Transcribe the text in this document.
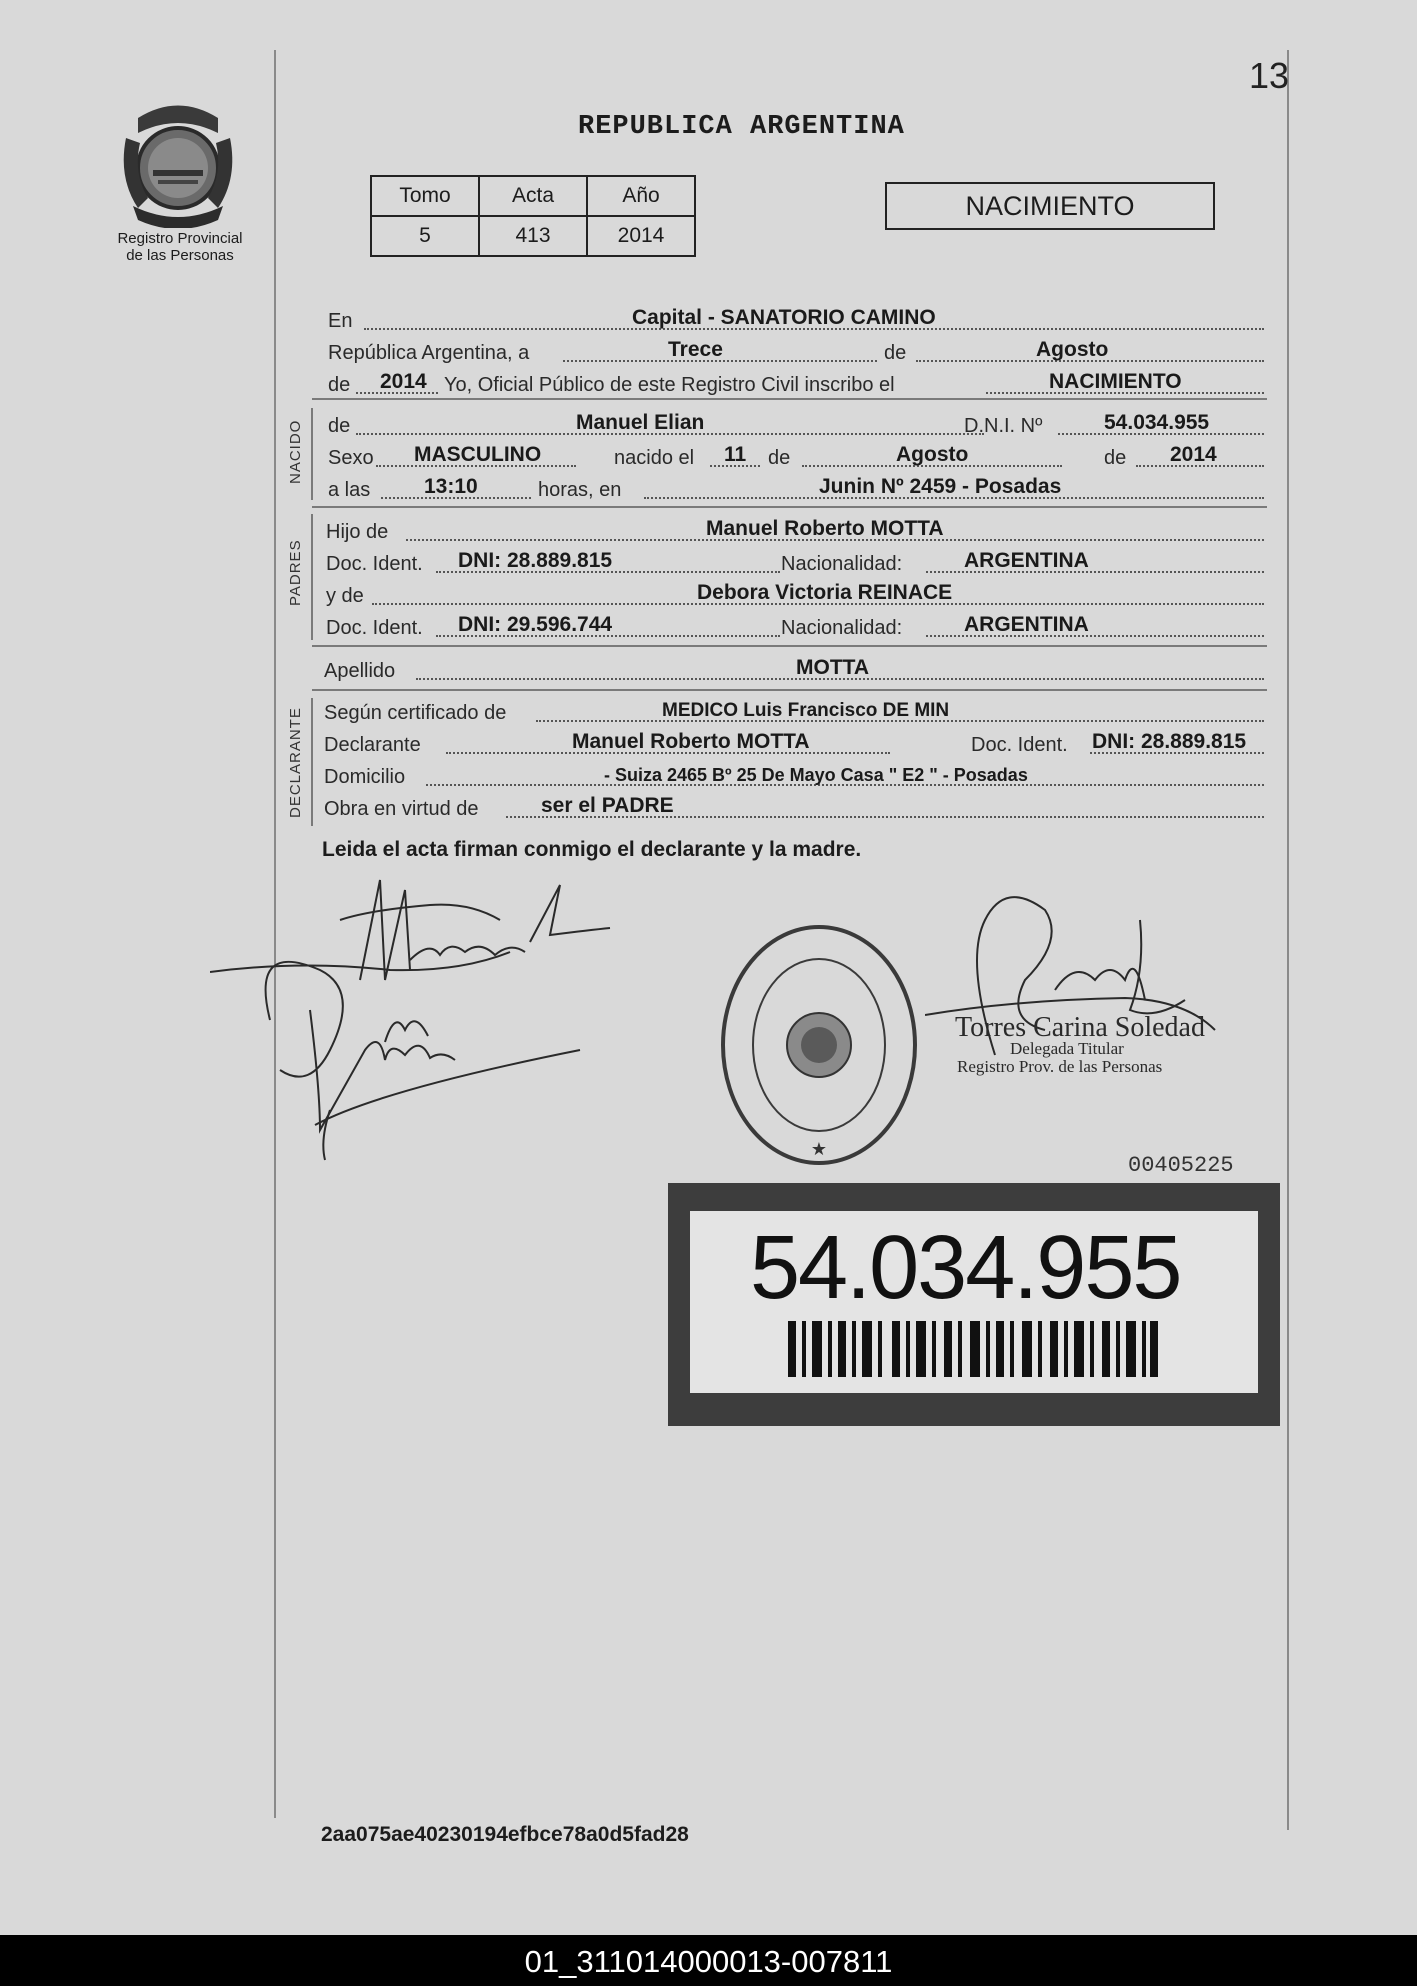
13
Registro Provincial
de las Personas
REPUBLICA ARGENTINA
Tomo	Acta	Año
5	413	2014
NACIMIENTO
En	Capital - SANATORIO CAMINO
República Argentina, a	Trece	de	Agosto
de 2014 Yo, Oficial Público de este Registro Civil inscribo el	NACIMIENTO
NACIDO de	Manuel Elian	D.N.I. Nº	54.034.955
Sexo MASCULINO	nacido el 11 de	Agosto	de 2014
a las	13:10	horas, en	Junin Nº 2459 - Posadas
PADRES
Hijo de	Manuel Roberto MOTTA
Doc. Ident. DNI: 28.889.815	Nacionalidad:	ARGENTINA
y de	Debora Victoria REINACE
Doc. Ident. DNI: 29.596.744	Nacionalidad:	ARGENTINA
Apellido	MOTTA
DECLARANTE Según certificado de	MEDICO Luis Francisco DE MIN
Declarante	Manuel Roberto MOTTA	Doc. Ident. DNI: 28.889.815
Domicilio	- Suiza 2465 Bº 25 De Mayo Casa " E2 " - Posadas
Obra en virtud de	ser el PADRE
Leida el acta firman conmigo el declarante y la madre.
★
Torres Carina Soledad
Delegada Titular
Registro Prov. de las Personas
00405225
54.034.955
2aa075ae40230194efbce78a0d5fad28
01_311014000013-007811
